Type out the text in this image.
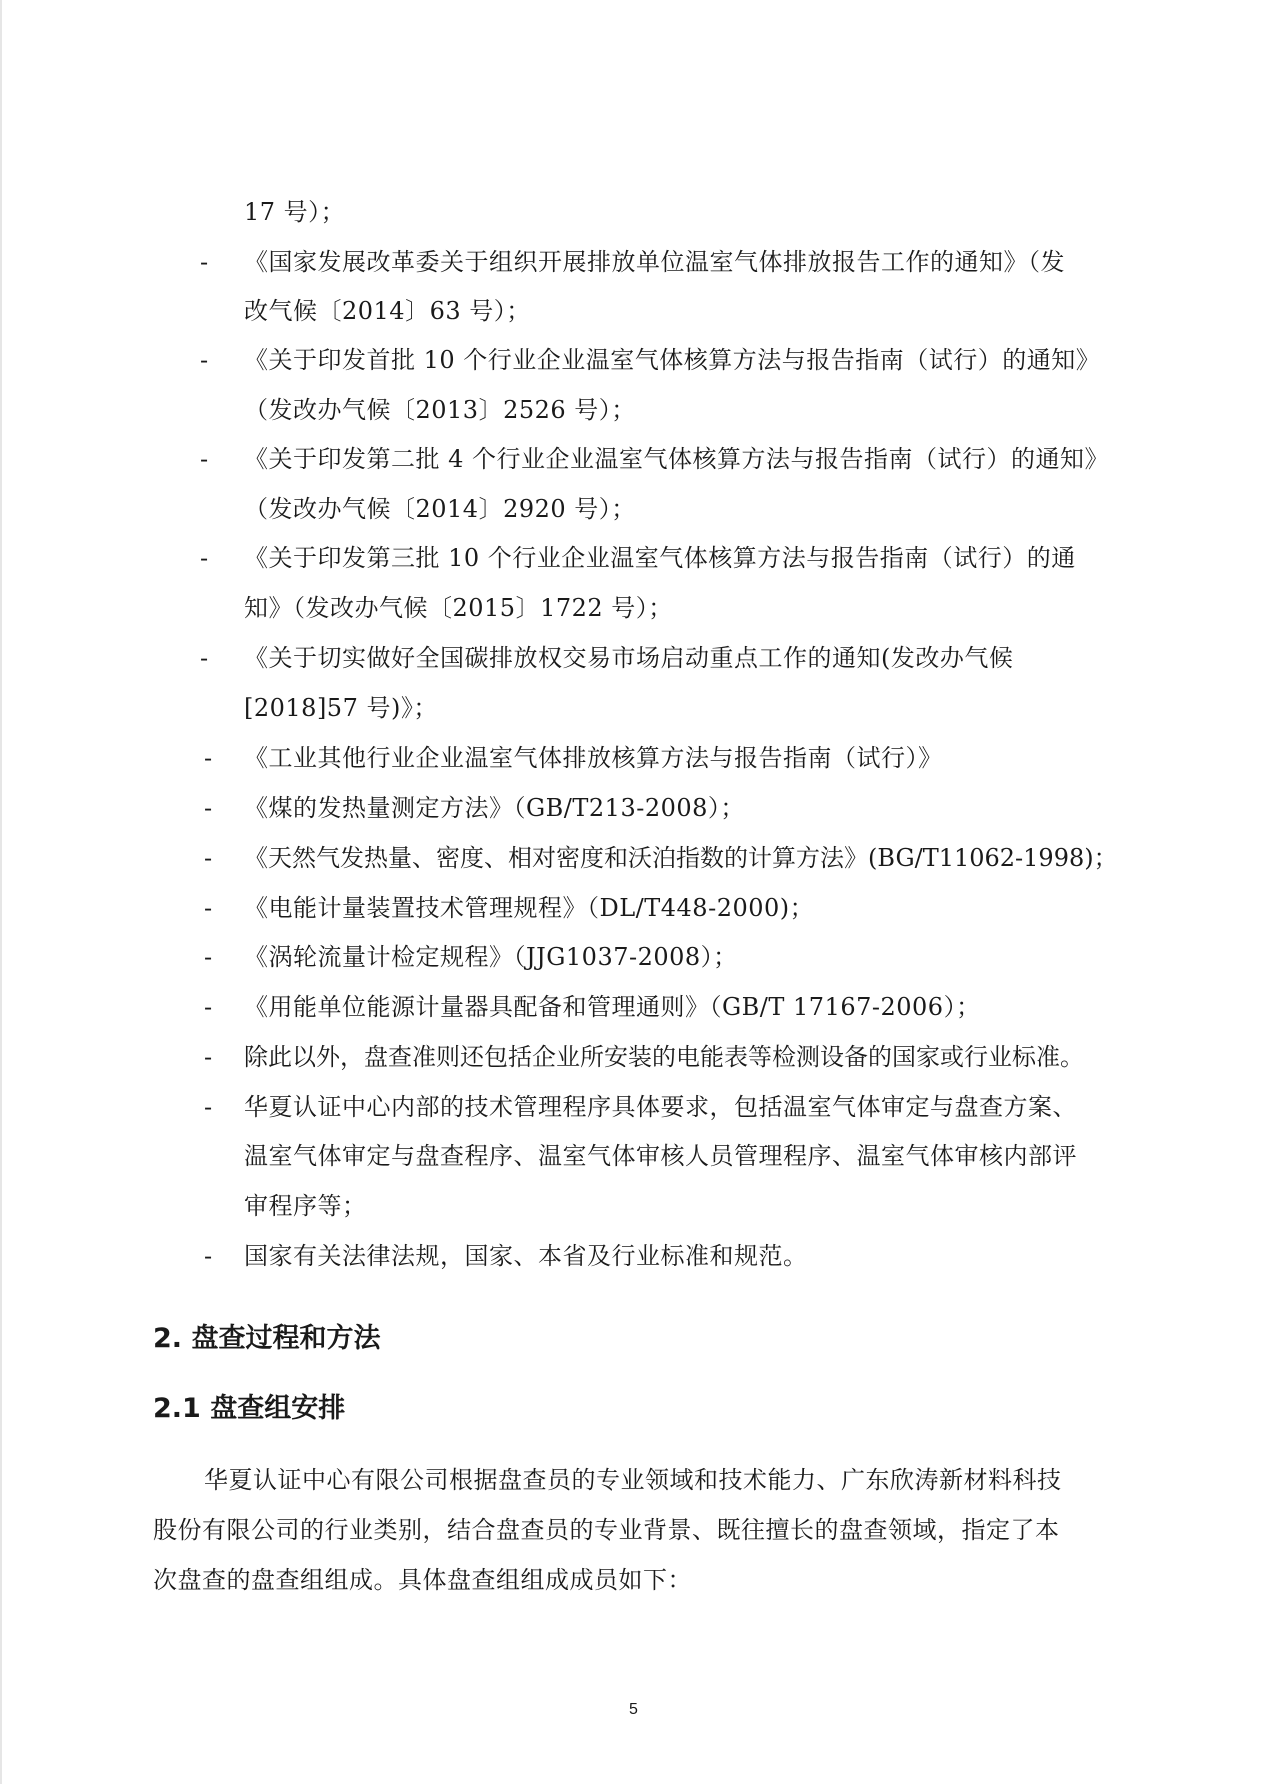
17 号）；
- 《国家发展改革委关于组织开展排放单位温室气体排放报告工作的通知》（发
改气候〔2014〕63 号）；
- 《关于印发首批 10 个行业企业温室气体核算方法与报告指南（试行）的通知》
（发改办气候〔2013〕2526 号）；
- 《关于印发第二批 4 个行业企业温室气体核算方法与报告指南（试行）的通知》
（发改办气候〔2014〕2920 号）；
- 《关于印发第三批 10 个行业企业温室气体核算方法与报告指南（试行）的通
知》（发改办气候〔2015〕1722 号）；
- 《关于切实做好全国碳排放权交易市场启动重点工作的通知(发改办气候
[2018]57 号)》；
- 《工业其他行业企业温室气体排放核算方法与报告指南（试行）》
- 《煤的发热量测定方法》（GB/T213-2008）；
- 《天然气发热量、密度、相对密度和沃泊指数的计算方法》(BG/T11062-1998)；
- 《电能计量装置技术管理规程》（DL/T448-2000)；
- 《涡轮流量计检定规程》（JJG1037-2008）；
- 《用能单位能源计量器具配备和管理通则》（GB/T 17167-2006）；
- 除此以外，盘查准则还包括企业所安装的电能表等检测设备的国家或行业标准。
- 华夏认证中心内部的技术管理程序具体要求，包括温室气体审定与盘查方案、
温室气体审定与盘查程序、温室气体审核人员管理程序、温室气体审核内部评
审程序等；
- 国家有关法律法规，国家、本省及行业标准和规范。
2. 盘查过程和方法
2.1 盘查组安排
华夏认证中心有限公司根据盘查员的专业领域和技术能力、广东欣涛新材料科技
股份有限公司的行业类别，结合盘查员的专业背景、既往擅长的盘查领域，指定了本
次盘查的盘查组组成。具体盘查组组成成员如下：
5
